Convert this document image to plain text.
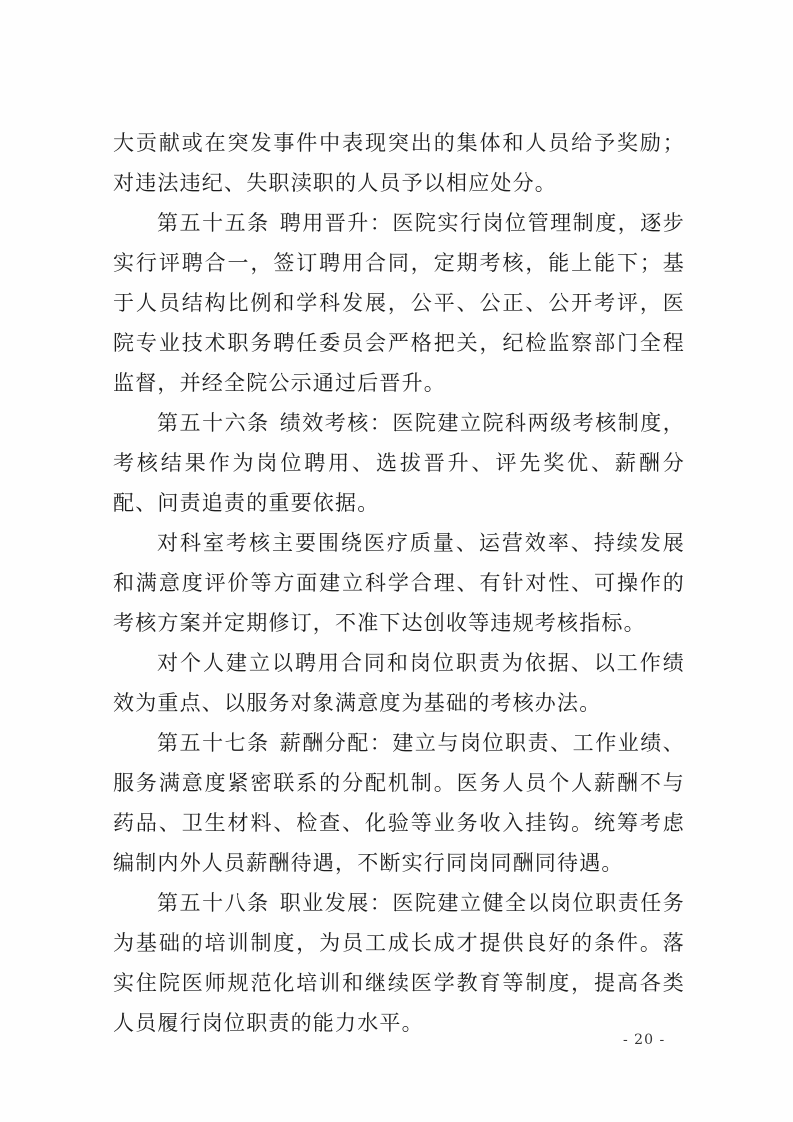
大贡献或在突发事件中表现突出的集体和人员给予奖励；对违法违纪、失职渎职的人员予以相应处分。

第五十五条 聘用晋升：医院实行岗位管理制度，逐步实行评聘合一，签订聘用合同，定期考核，能上能下；基于人员结构比例和学科发展，公平、公正、公开考评，医院专业技术职务聘任委员会严格把关，纪检监察部门全程监督，并经全院公示通过后晋升。

第五十六条 绩效考核：医院建立院科两级考核制度，考核结果作为岗位聘用、选拔晋升、评先奖优、薪酬分配、问责追责的重要依据。

对科室考核主要围绕医疗质量、运营效率、持续发展和满意度评价等方面建立科学合理、有针对性、可操作的考核方案并定期修订，不准下达创收等违规考核指标。

对个人建立以聘用合同和岗位职责为依据、以工作绩效为重点、以服务对象满意度为基础的考核办法。

第五十七条 薪酬分配：建立与岗位职责、工作业绩、服务满意度紧密联系的分配机制。医务人员个人薪酬不与药品、卫生材料、检查、化验等业务收入挂钩。统筹考虑编制内外人员薪酬待遇，不断实行同岗同酬同待遇。

第五十八条 职业发展：医院建立健全以岗位职责任务为基础的培训制度，为员工成长成才提供良好的条件。落实住院医师规范化培训和继续医学教育等制度，提高各类人员履行岗位职责的能力水平。

- 20 -
